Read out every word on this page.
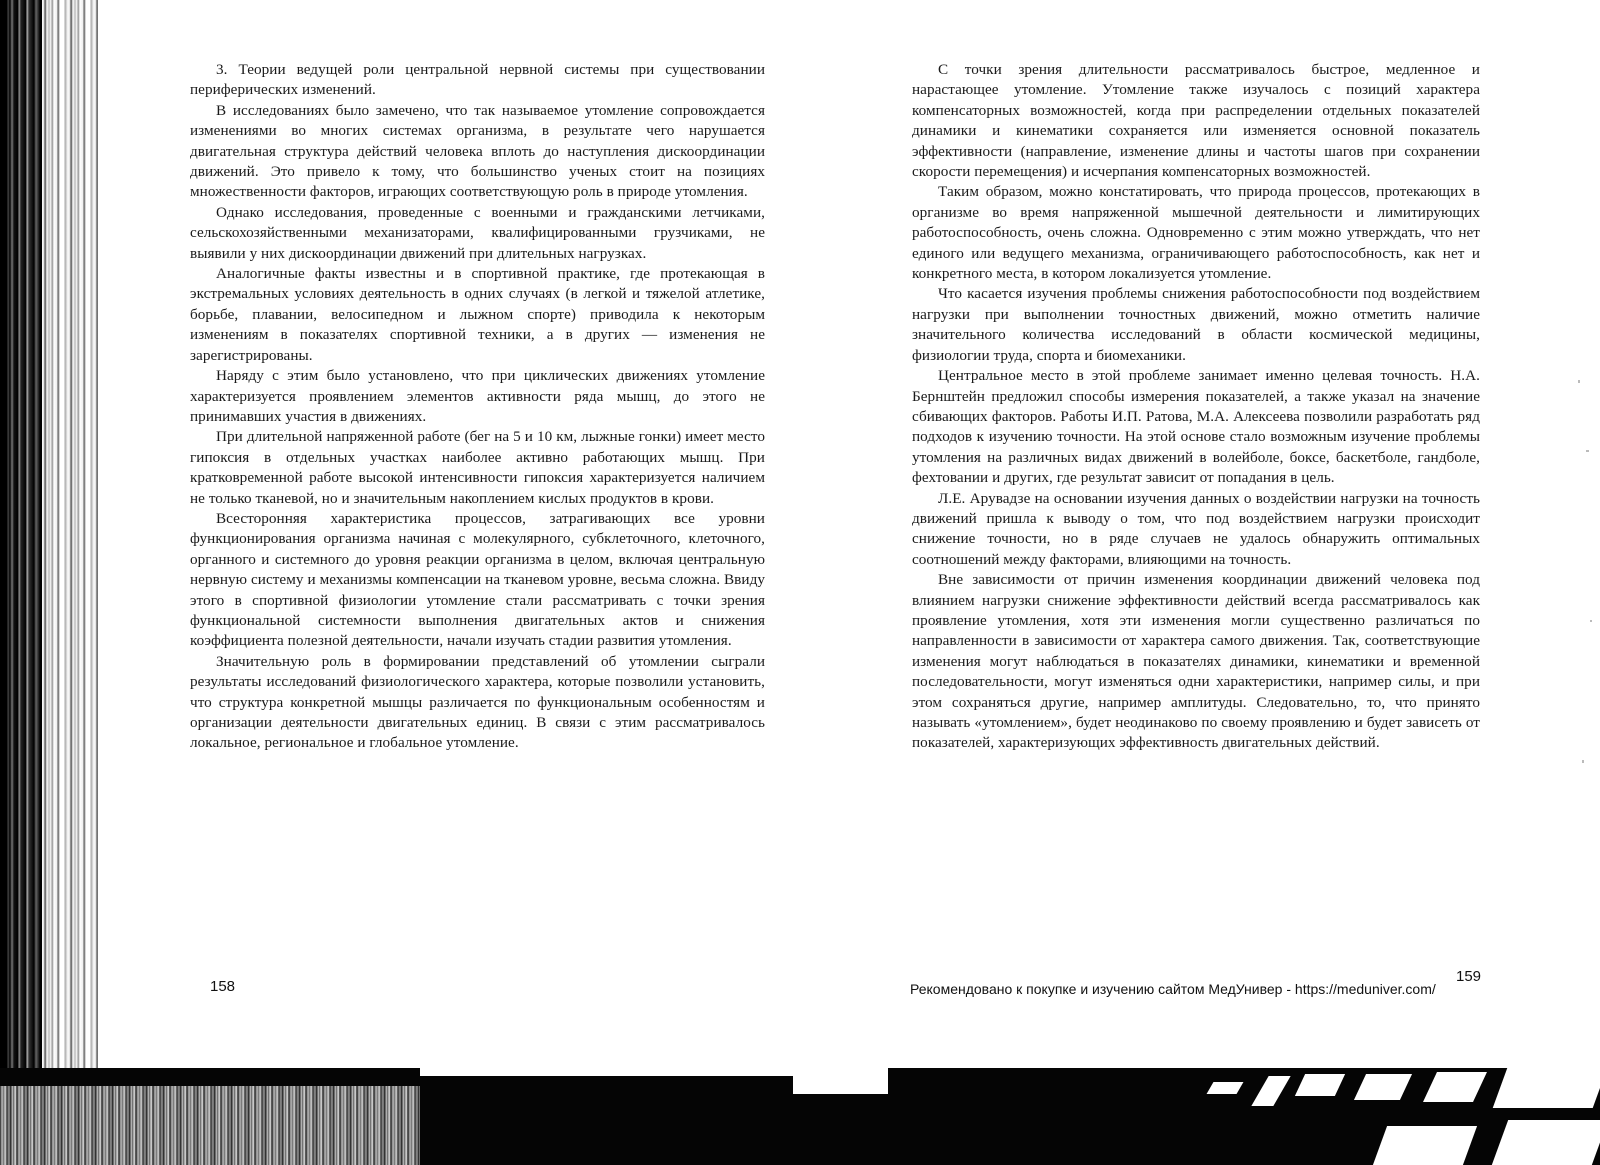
3. Теории ведущей роли центральной нервной системы при существовании периферических изменений.

В исследованиях было замечено, что так называемое утомление сопровождается изменениями во многих системах организма, в результате чего нарушается двигательная структура действий человека вплоть до наступления дискоординации движений. Это привело к тому, что большинство ученых стоит на позициях множественности факторов, играющих соответствующую роль в природе утомления.

Однако исследования, проведенные с военными и гражданскими летчиками, сельскохозяйственными механизаторами, квалифицированными грузчиками, не выявили у них дискоординации движений при длительных нагрузках.

Аналогичные факты известны и в спортивной практике, где протекающая в экстремальных условиях деятельность в одних случаях (в легкой и тяжелой атлетике, борьбе, плавании, велосипедном и лыжном спорте) приводила к некоторым изменениям в показателях спортивной техники, а в других — изменения не зарегистрированы.

Наряду с этим было установлено, что при циклических движениях утомление характеризуется проявлением элементов активности ряда мышц, до этого не принимавших участия в движениях.

При длительной напряженной работе (бег на 5 и 10 км, лыжные гонки) имеет место гипоксия в отдельных участках наиболее активно работающих мышц. При кратковременной работе высокой интенсивности гипоксия характеризуется наличием не только тканевой, но и значительным накоплением кислых продуктов в крови.

Всесторонняя характеристика процессов, затрагивающих все уровни функционирования организма начиная с молекулярного, субклеточного, клеточного, органного и системного до уровня реакции организма в целом, включая центральную нервную систему и механизмы компенсации на тканевом уровне, весьма сложна. Ввиду этого в спортивной физиологии утомление стали рассматривать с точки зрения функциональной системности выполнения двигательных актов и снижения коэффициента полезной деятельности, начали изучать стадии развития утомления.

Значительную роль в формировании представлений об утомлении сыграли результаты исследований физиологического характера, которые позволили установить, что структура конкретной мышцы различается по функциональным особенностям и организации деятельности двигательных единиц. В связи с этим рассматривалось локальное, региональное и глобальное утомление.

С точки зрения длительности рассматривалось быстрое, медленное и нарастающее утомление. Утомление также изучалось с позиций характера компенсаторных возможностей, когда при распределении отдельных показателей динамики и кинематики сохраняется или изменяется основной показатель эффективности (направление, изменение длины и частоты шагов при сохранении скорости перемещения) и исчерпания компенсаторных возможностей.

Таким образом, можно констатировать, что природа процессов, протекающих в организме во время напряженной мышечной деятельности и лимитирующих работоспособность, очень сложна. Одновременно с этим можно утверждать, что нет единого или ведущего механизма, ограничивающего работоспособность, как нет и конкретного места, в котором локализуется утомление.

Что касается изучения проблемы снижения работоспособности под воздействием нагрузки при выполнении точностных движений, можно отметить наличие значительного количества исследований в области космической медицины, физиологии труда, спорта и биомеханики.

Центральное место в этой проблеме занимает именно целевая точность. Н.А. Бернштейн предложил способы измерения показателей, а также указал на значение сбивающих факторов. Работы И.П. Ратова, М.А. Алексеева позволили разработать ряд подходов к изучению точности. На этой основе стало возможным изучение проблемы утомления на различных видах движений в волейболе, боксе, баскетболе, гандболе, фехтовании и других, где результат зависит от попадания в цель.

Л.Е. Арувадзе на основании изучения данных о воздействии нагрузки на точность движений пришла к выводу о том, что под воздействием нагрузки происходит снижение точности, но в ряде случаев не удалось обнаружить оптимальных соотношений между факторами, влияющими на точность.

Вне зависимости от причин изменения координации движений человека под влиянием нагрузки снижение эффективности действий всегда рассматривалось как проявление утомления, хотя эти изменения могли существенно различаться по направленности в зависимости от характера самого движения. Так, соответствующие изменения могут наблюдаться в показателях динамики, кинематики и временной последовательности, могут изменяться одни характеристики, например силы, и при этом сохраняться другие, например амплитуды. Следовательно, то, что принято называть «утомлением», будет неодинаково по своему проявлению и будет зависеть от показателей, характеризующих эффективность двигательных действий.

158
159
Рекомендовано к покупке и изучению сайтом МедУнивер - https://meduniver.com/
